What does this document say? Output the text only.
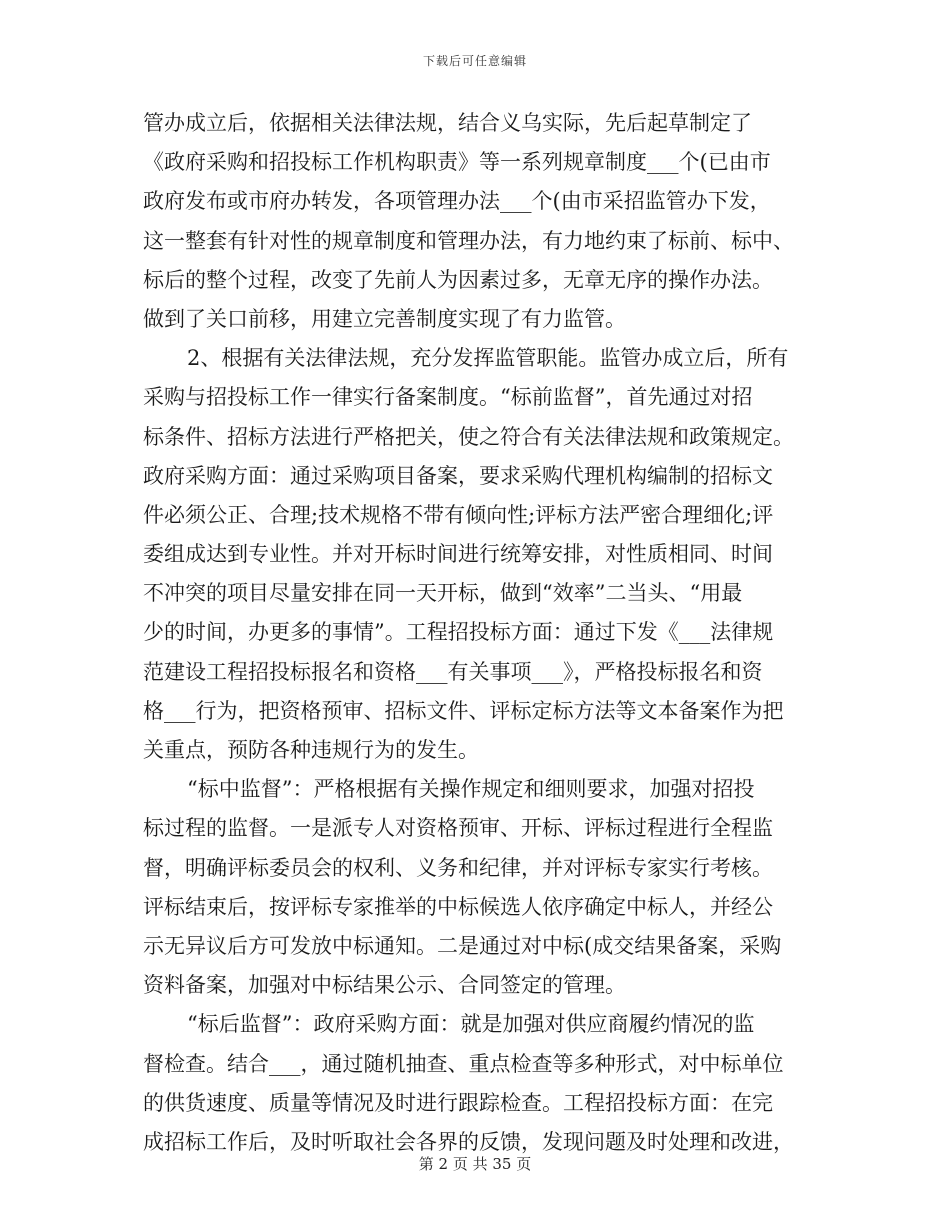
下载后可任意编辑
管办成立后，依据相关法律法规，结合义乌实际，先后起草制定了
《政府采购和招投标工作机构职责》等一系列规章制度___个(已由市
政府发布或市府办转发，各项管理办法___个(由市采招监管办下发，
这一整套有针对性的规章制度和管理办法，有力地约束了标前、标中、
标后的整个过程，改变了先前人为因素过多，无章无序的操作办法。
做到了关口前移，用建立完善制度实现了有力监管。
2、根据有关法律法规，充分发挥监管职能。监管办成立后，所有
采购与招投标工作一律实行备案制度。“标前监督”，首先通过对招
标条件、招标方法进行严格把关，使之符合有关法律法规和政策规定。
政府采购方面：通过采购项目备案，要求采购代理机构编制的招标文
件必须公正、合理;技术规格不带有倾向性;评标方法严密合理细化;评
委组成达到专业性。并对开标时间进行统筹安排，对性质相同、时间
不冲突的项目尽量安排在同一天开标，做到“效率”二当头、“用最
少的时间，办更多的事情”。工程招投标方面：通过下发《___法律规
范建设工程招投标报名和资格___有关事项___》，严格投标报名和资
格___行为，把资格预审、招标文件、评标定标方法等文本备案作为把
关重点，预防各种违规行为的发生。
“标中监督”：严格根据有关操作规定和细则要求，加强对招投
标过程的监督。一是派专人对资格预审、开标、评标过程进行全程监
督，明确评标委员会的权利、义务和纪律，并对评标专家实行考核。
评标结束后，按评标专家推举的中标候选人依序确定中标人，并经公
示无异议后方可发放中标通知。二是通过对中标(成交结果备案，采购
资料备案，加强对中标结果公示、合同签定的管理。
“标后监督”：政府采购方面：就是加强对供应商履约情况的监
督检查。结合___，通过随机抽查、重点检查等多种形式，对中标单位
的供货速度、质量等情况及时进行跟踪检查。工程招投标方面：在完
成招标工作后，及时听取社会各界的反馈，发现问题及时处理和改进，
第 2 页 共 35 页
